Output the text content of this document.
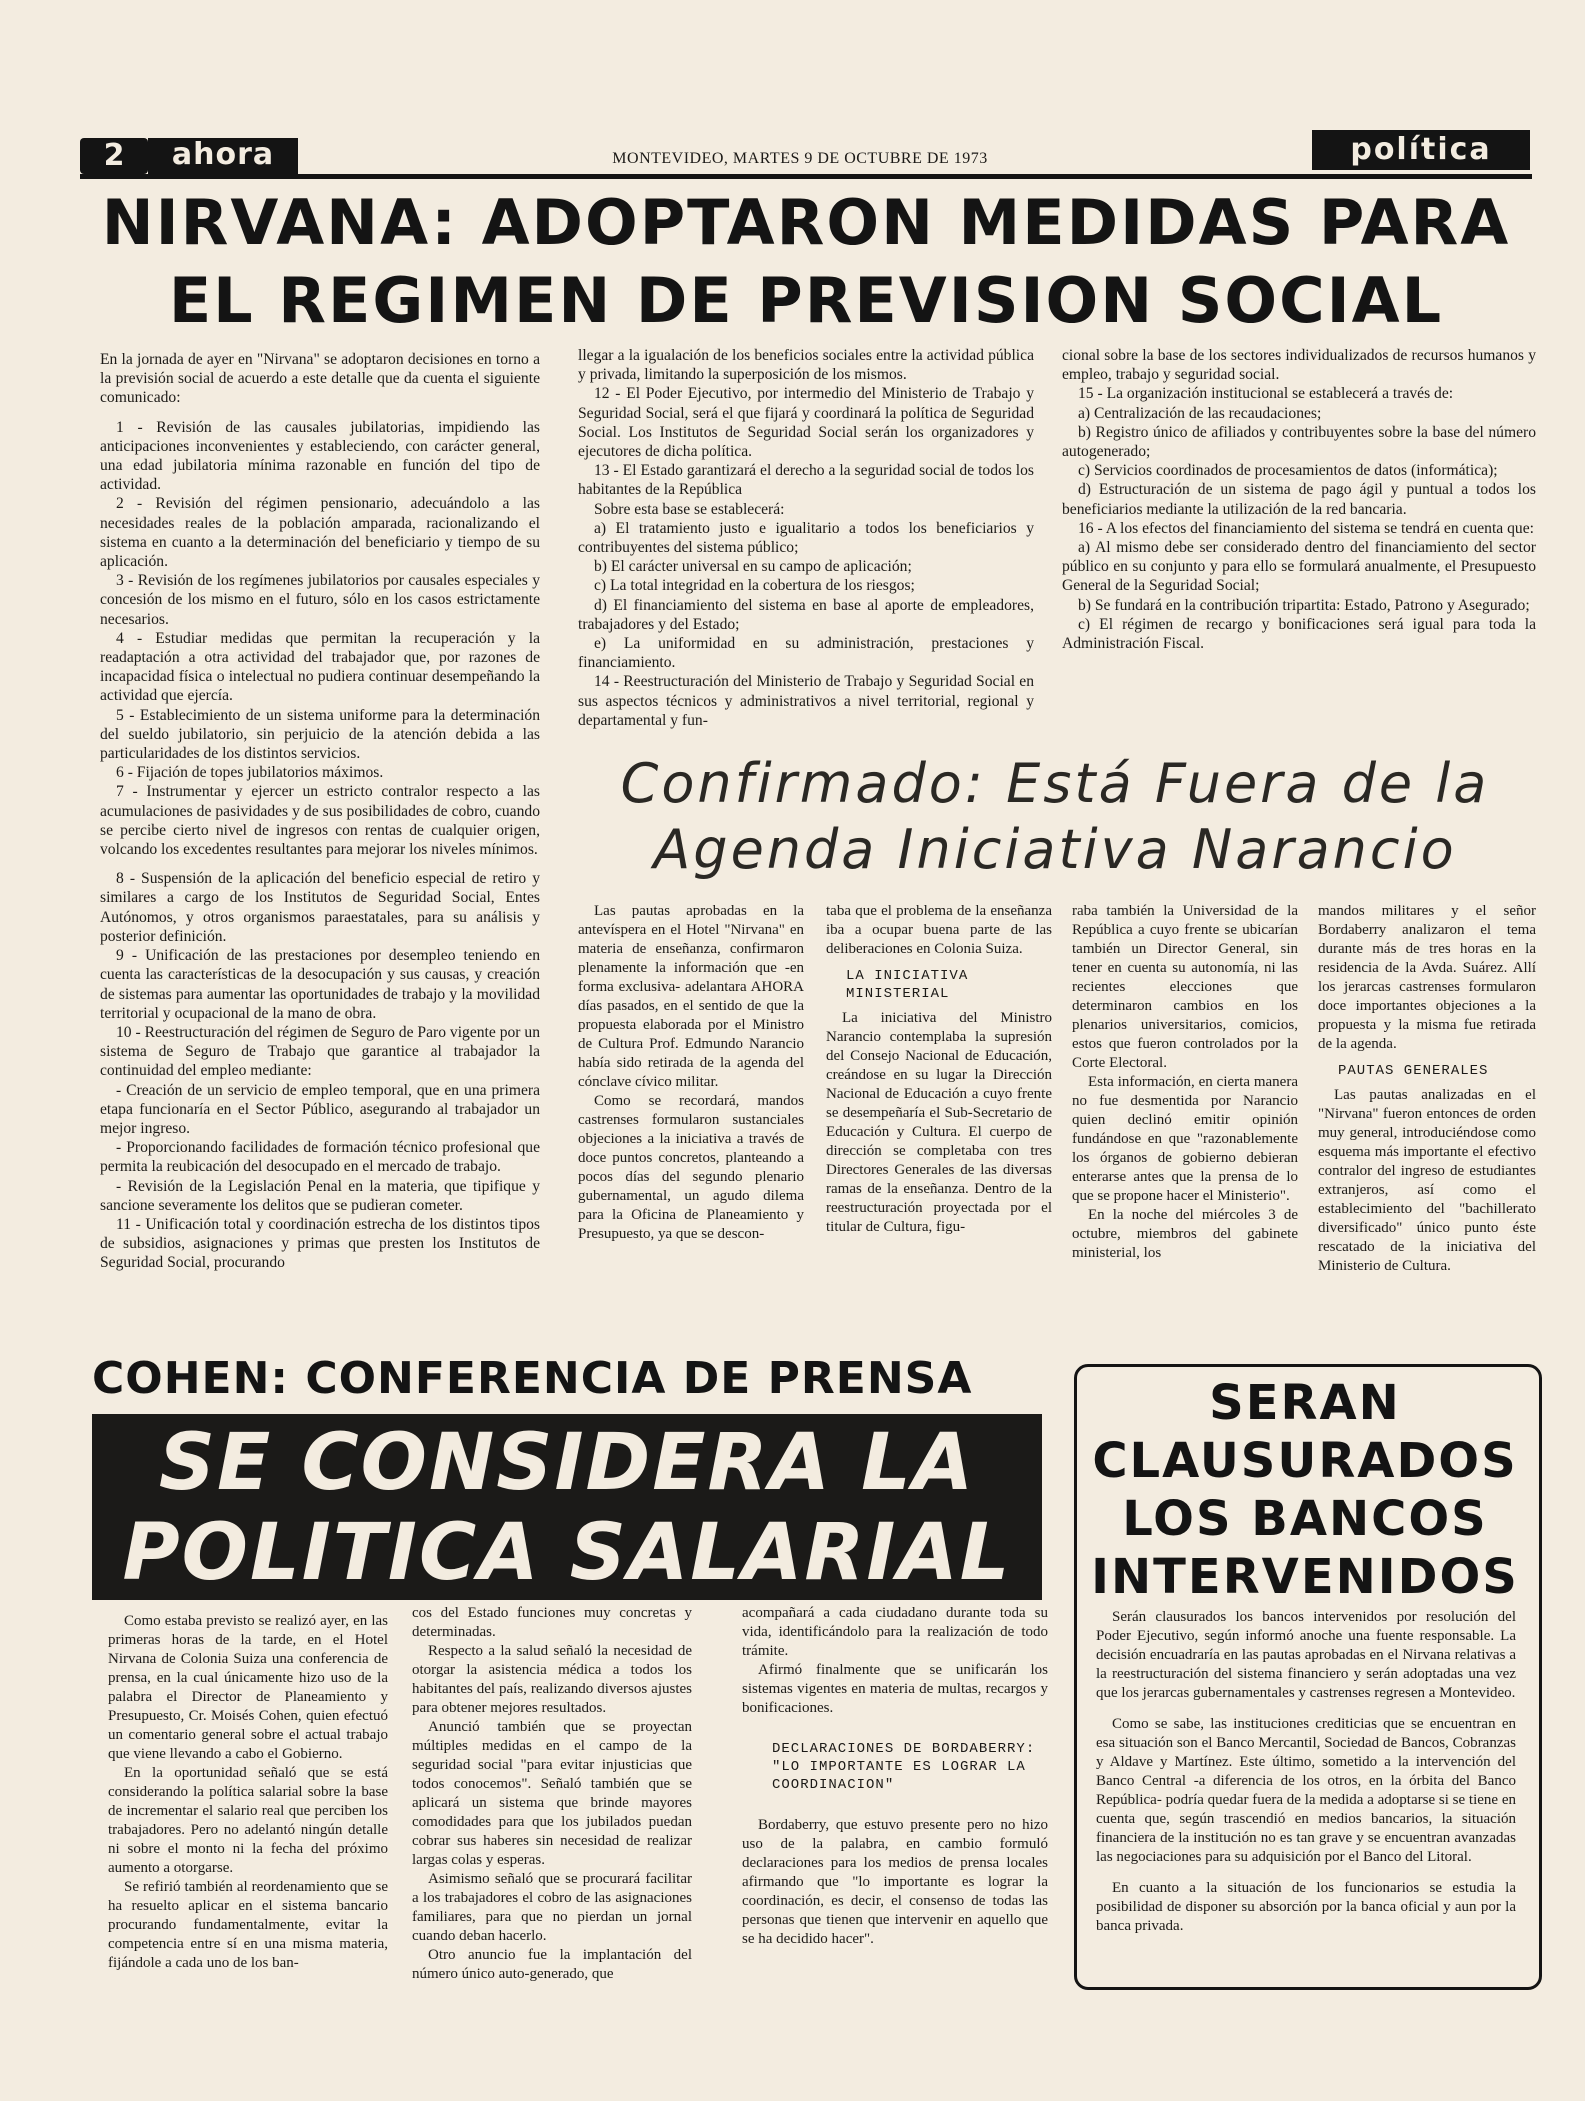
2	ahora	MONTEVIDEO, MARTES 9 DE OCTUBRE DE 1973	política
NIRVANA: ADOPTARON MEDIDAS PARA
EL REGIMEN DE PREVISION SOCIAL

En la jornada de ayer en "Nirvana" se adoptaron decisiones en torno a la previsión social de acuerdo a este detalle que da cuenta el siguiente comunicado:

1 - Revisión de las causales jubilatorias, impidiendo las anticipaciones inconvenientes y estableciendo, con carácter general, una edad jubilatoria mínima razonable en función del tipo de actividad.

2 - Revisión del régimen pensionario, adecuándolo a las necesidades reales de la población amparada, racionalizando el sistema en cuanto a la determinación del beneficiario y tiempo de su aplicación.

3 - Revisión de los regímenes jubilatorios por causales especiales y concesión de los mismo en el futuro, sólo en los casos estrictamente necesarios.

4 - Estudiar medidas que permitan la recuperación y la readaptación a otra actividad del trabajador que, por razones de incapacidad física o intelectual no pudiera continuar desempeñando la actividad que ejercía.

5 - Establecimiento de un sistema uniforme para la determinación del sueldo jubilatorio, sin perjuicio de la atención debida a las particularidades de los distintos servicios.

6 - Fijación de topes jubilatorios máximos.

7 - Instrumentar y ejercer un estricto contralor respecto a las acumulaciones de pasividades y de sus posibilidades de cobro, cuando se percibe cierto nivel de ingresos con rentas de cualquier origen, volcando los excedentes resultantes para mejorar los niveles mínimos.

8 - Suspensión de la aplicación del beneficio especial de retiro y similares a cargo de los Institutos de Seguridad Social, Entes Autónomos, y otros organismos paraestatales, para su análisis y posterior definición.

9 - Unificación de las prestaciones por desempleo teniendo en cuenta las características de la desocupación y sus causas, y creación de sistemas para aumentar las oportunidades de trabajo y la movilidad territorial y ocupacional de la mano de obra.

10 - Reestructuración del régimen de Seguro de Paro vigente por un sistema de Seguro de Trabajo que garantice al trabajador la continuidad del empleo mediante:

- Creación de un servicio de empleo temporal, que en una primera etapa funcionaría en el Sector Público, asegurando al trabajador un mejor ingreso.

- Proporcionando facilidades de formación técnico profesional que permita la reubicación del desocupado en el mercado de trabajo.

- Revisión de la Legislación Penal en la materia, que tipifique y sancione severamente los delitos que se pudieran cometer.

11 - Unificación total y coordinación estrecha de los distintos tipos de subsidios, asignaciones y primas que presten los Institutos de Seguridad Social, procurando

llegar a la igualación de los beneficios sociales entre la actividad pública y privada, limitando la superposición de los mismos.

12 - El Poder Ejecutivo, por intermedio del Ministerio de Trabajo y Seguridad Social, será el que fijará y coordinará la política de Seguridad Social. Los Institutos de Seguridad Social serán los organizadores y ejecutores de dicha política.

13 - El Estado garantizará el derecho a la seguridad social de todos los habitantes de la República

Sobre esta base se establecerá:

a) El tratamiento justo e igualitario a todos los beneficiarios y contribuyentes del sistema público;

b) El carácter universal en su campo de aplicación;

c) La total integridad en la cobertura de los riesgos;

d) El financiamiento del sistema en base al aporte de empleadores, trabajadores y del Estado;

e) La uniformidad en su administración, prestaciones y financiamiento.

14 - Reestructuración del Ministerio de Trabajo y Seguridad Social en sus aspectos técnicos y administrativos a nivel territorial, regional y departamental y fun-

cional sobre la base de los sectores individualizados de recursos humanos y empleo, trabajo y seguridad social.

15 - La organización institucional se establecerá a través de:

a) Centralización de las recaudaciones;

b) Registro único de afiliados y contribuyentes sobre la base del número autogenerado;

c) Servicios coordinados de procesamientos de datos (informática);

d) Estructuración de un sistema de pago ágil y puntual a todos los beneficiarios mediante la utilización de la red bancaria.

16 - A los efectos del financiamiento del sistema se tendrá en cuenta que:

a) Al mismo debe ser considerado dentro del financiamiento del sector público en su conjunto y para ello se formulará anualmente, el Presupuesto General de la Seguridad Social;

b) Se fundará en la contribución tripartita: Estado, Patrono y Asegurado;

c) El régimen de recargo y bonificaciones será igual para toda la Administración Fiscal.

Confirmado: Está Fuera de la
Agenda Iniciativa Narancio

Las pautas aprobadas en la antevíspera en el Hotel "Nirvana" en materia de enseñanza, confirmaron plenamente la información que -en forma exclusiva- adelantara AHORA días pasados, en el sentido de que la propuesta elaborada por el Ministro de Cultura Prof. Edmundo Narancio había sido retirada de la agenda del cónclave cívico militar.

Como se recordará, mandos castrenses formularon sustanciales objeciones a la iniciativa a través de doce puntos concretos, planteando a pocos días del segundo plenario gubernamental, un agudo dilema para la Oficina de Planeamiento y Presupuesto, ya que se descon-

taba que el problema de la enseñanza iba a ocupar buena parte de las deliberaciones en Colonia Suiza.

LA INICIATIVA MINISTERIAL

La iniciativa del Ministro Narancio contemplaba la supresión del Consejo Nacional de Educación, creándose en su lugar la Dirección Nacional de Educación a cuyo frente se desempeñaría el Sub-Secretario de Educación y Cultura. El cuerpo de dirección se completaba con tres Directores Generales de las diversas ramas de la enseñanza. Dentro de la reestructuración proyectada por el titular de Cultura, figu-

raba también la Universidad de la República a cuyo frente se ubicarían también un Director General, sin tener en cuenta su autonomía, ni las recientes elecciones que determinaron cambios en los plenarios universitarios, comicios, estos que fueron controlados por la Corte Electoral.

Esta información, en cierta manera no fue desmentida por Narancio quien declinó emitir opinión fundándose en que "razonablemente los órganos de gobierno debieran enterarse antes que la prensa de lo que se propone hacer el Ministerio".

En la noche del miércoles 3 de octubre, miembros del gabinete ministerial, los

mandos militares y el señor Bordaberry analizaron el tema durante más de tres horas en la residencia de la Avda. Suárez. Allí los jerarcas castrenses formularon doce importantes objeciones a la propuesta y la misma fue retirada de la agenda.

PAUTAS GENERALES

Las pautas analizadas en el "Nirvana" fueron entonces de orden muy general, introduciéndose como esquema más importante el efectivo contralor del ingreso de estudiantes extranjeros, así como el establecimiento del "bachillerato diversificado" único punto éste rescatado de la iniciativa del Ministerio de Cultura.

COHEN: CONFERENCIA DE PRENSA
SE CONSIDERA LA
POLITICA SALARIAL

Como estaba previsto se realizó ayer, en las primeras horas de la tarde, en el Hotel Nirvana de Colonia Suiza una conferencia de prensa, en la cual únicamente hizo uso de la palabra el Director de Planeamiento y Presupuesto, Cr. Moisés Cohen, quien efectuó un comentario general sobre el actual trabajo que viene llevando a cabo el Gobierno.

En la oportunidad señaló que se está considerando la política salarial sobre la base de incrementar el salario real que perciben los trabajadores. Pero no adelantó ningún detalle ni sobre el monto ni la fecha del próximo aumento a otorgarse.

Se refirió también al reordenamiento que se ha resuelto aplicar en el sistema bancario procurando fundamentalmente, evitar la competencia entre sí en una misma materia, fijándole a cada uno de los ban-

cos del Estado funciones muy concretas y determinadas.

Respecto a la salud señaló la necesidad de otorgar la asistencia médica a todos los habitantes del país, realizando diversos ajustes para obtener mejores resultados.

Anunció también que se proyectan múltiples medidas en el campo de la seguridad social "para evitar injusticias que todos conocemos". Señaló también que se aplicará un sistema que brinde mayores comodidades para que los jubilados puedan cobrar sus haberes sin necesidad de realizar largas colas y esperas.

Asimismo señaló que se procurará facilitar a los trabajadores el cobro de las asignaciones familiares, para que no pierdan un jornal cuando deban hacerlo.

Otro anuncio fue la implantación del número único auto-generado, que

acompañará a cada ciudadano durante toda su vida, identificándolo para la realización de todo trámite.

Afirmó finalmente que se unificarán los sistemas vigentes en materia de multas, recargos y bonificaciones.

DECLARACIONES DE BORDABERRY: "LO IMPORTANTE ES LOGRAR LA COORDINACION"

Bordaberry, que estuvo presente pero no hizo uso de la palabra, en cambio formuló declaraciones para los medios de prensa locales afirmando que "lo importante es lograr la coordinación, es decir, el consenso de todas las personas que tienen que intervenir en aquello que se ha decidido hacer".

SERAN
CLAUSURADOS
LOS BANCOS
INTERVENIDOS

Serán clausurados los bancos intervenidos por resolución del Poder Ejecutivo, según informó anoche una fuente responsable. La decisión encuadraría en las pautas aprobadas en el Nirvana relativas a la reestructuración del sistema financiero y serán adoptadas una vez que los jerarcas gubernamentales y castrenses regresen a Montevideo.

Como se sabe, las instituciones crediticias que se encuentran en esa situación son el Banco Mercantil, Sociedad de Bancos, Cobranzas y Aldave y Martínez. Este último, sometido a la intervención del Banco Central -a diferencia de los otros, en la órbita del Banco República- podría quedar fuera de la medida a adoptarse si se tiene en cuenta que, según trascendió en medios bancarios, la situación financiera de la institución no es tan grave y se encuentran avanzadas las negociaciones para su adquisición por el Banco del Litoral.

En cuanto a la situación de los funcionarios se estudia la posibilidad de disponer su absorción por la banca oficial y aun por la banca privada.
